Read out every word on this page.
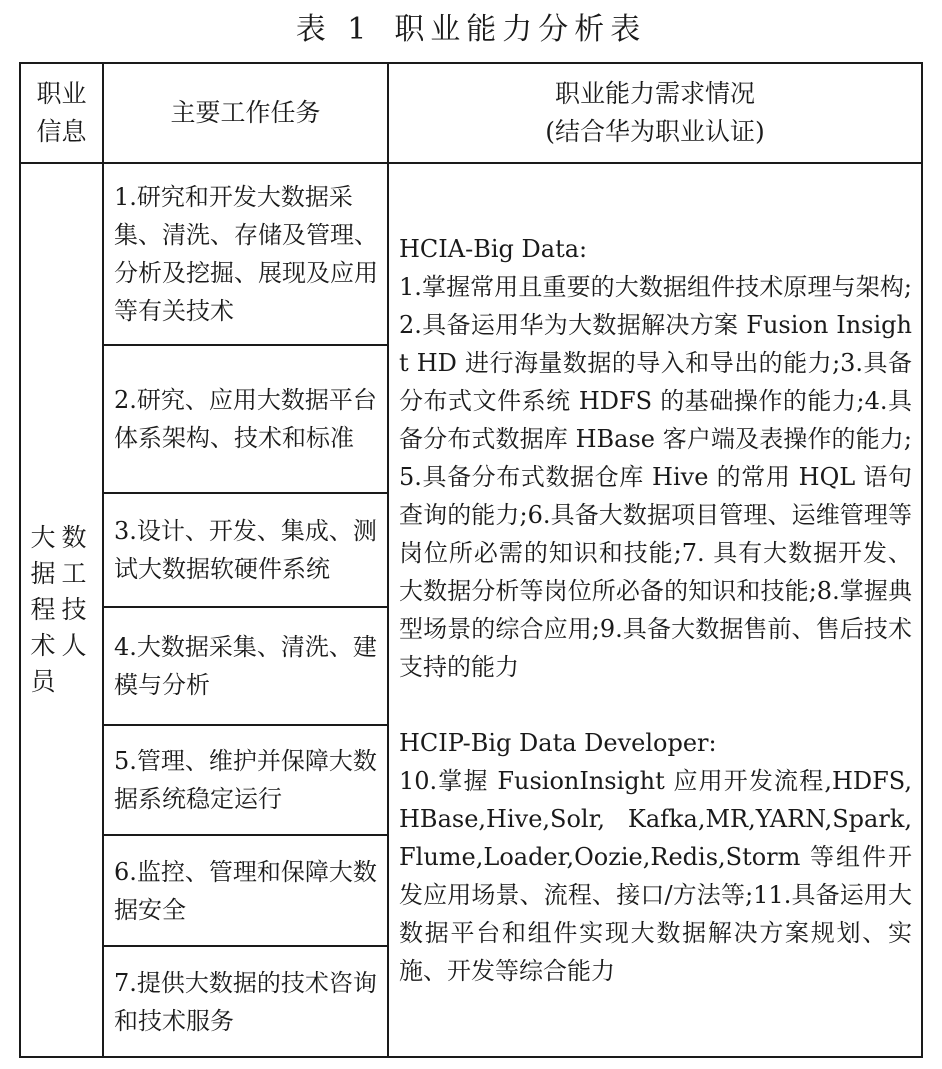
表 1 职业能力分析表
职业信息	主要工作任务	职业能力需求情况
(结合华为职业认证)

大数据工程技术人员	1.研究和开发大数据采集、清洗、存储及管理、分析及挖掘、展现及应用等有关技术	HCIA-Big Data:

1.掌握常用且重要的大数据组件技术原理与架构;2.具备运用华为大数据解决方案 Fusion Insight HD 进行海量数据的导入和导出的能力;3.具备分布式文件系统 HDFS 的基础操作的能力;4.具备分布式数据库 HBase 客户端及表操作的能力;5.具备分布式数据仓库 Hive 的常用 HQL 语句查询的能力;6.具备大数据项目管理、运维管理等岗位所必需的知识和技能;7. 具有大数据开发、大数据分析等岗位所必备的知识和技能;8.掌握典型场景的综合应用;9.具备大数据售前、售后技术支持的能力

HCIP-Big Data Developer:

10.掌握 FusionInsight 应用开发流程,HDFS, HBase,Hive,Solr, Kafka,MR,YARN,Spark, Flume,Loader,Oozie,Redis,Storm 等组件开发应用场景、流程、接口/方法等;11.具备运用大数据平台和组件实现大数据解决方案规划、实施、开发等综合能力

	2.研究、应用大数据平台体系架构、技术和标准	
	3.设计、开发、集成、测试大数据软硬件系统	
	4.大数据采集、清洗、建模与分析	
	5.管理、维护并保障大数据系统稳定运行	
	6.监控、管理和保障大数据安全	
	7.提供大数据的技术咨询和技术服务	
